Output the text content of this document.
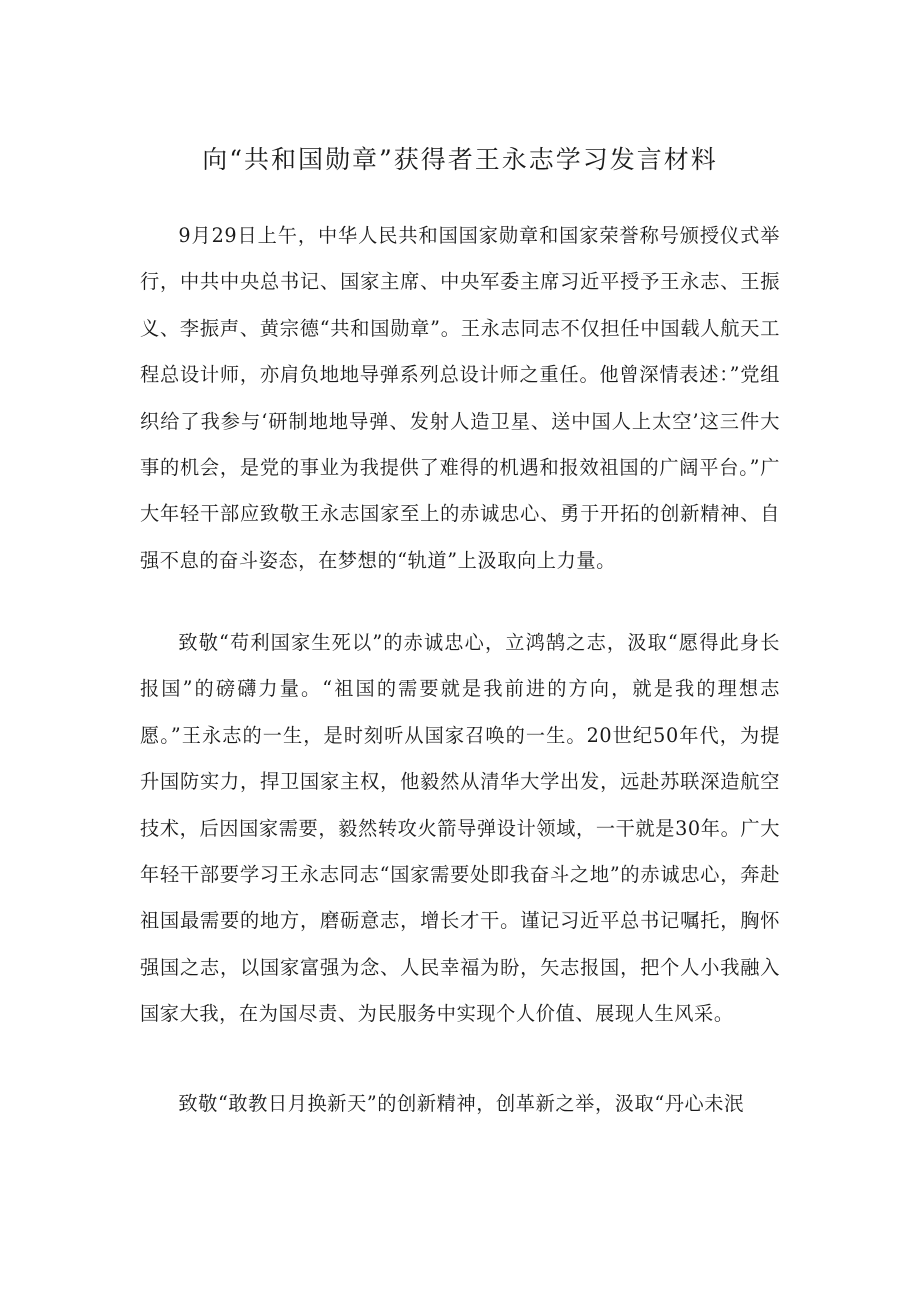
向“共和国勋章”获得者王永志学习发言材料

9月29日上午，中华人民共和国国家勋章和国家荣誉称号颁授仪式举行，中共中央总书记、国家主席、中央军委主席习近平授予王永志、王振义、李振声、黄宗德“共和国勋章”。王永志同志不仅担任中国载人航天工程总设计师，亦肩负地地导弹系列总设计师之重任。他曾深情表述：”党组织给了我参与‘研制地地导弹、发射人造卫星、送中国人上太空’这三件大事的机会，是党的事业为我提供了难得的机遇和报效祖国的广阔平台。”广大年轻干部应致敬王永志国家至上的赤诚忠心、勇于开拓的创新精神、自强不息的奋斗姿态，在梦想的“轨道”上汲取向上力量。

致敬“苟利国家生死以”的赤诚忠心，立鸿鹄之志，汲取“愿得此身长报国”的磅礴力量。“祖国的需要就是我前进的方向，就是我的理想志愿。”王永志的一生，是时刻听从国家召唤的一生。20世纪50年代，为提升国防实力，捍卫国家主权，他毅然从清华大学出发，远赴苏联深造航空技术，后因国家需要，毅然转攻火箭导弹设计领域，一干就是30年。广大年轻干部要学习王永志同志“国家需要处即我奋斗之地”的赤诚忠心，奔赴祖国最需要的地方，磨砺意志，增长才干。谨记习近平总书记嘱托，胸怀强国之志，以国家富强为念、人民幸福为盼，矢志报国，把个人小我融入国家大我，在为国尽责、为民服务中实现个人价值、展现人生风采。

致敬“敢教日月换新天”的创新精神，创革新之举，汲取“丹心未泯
